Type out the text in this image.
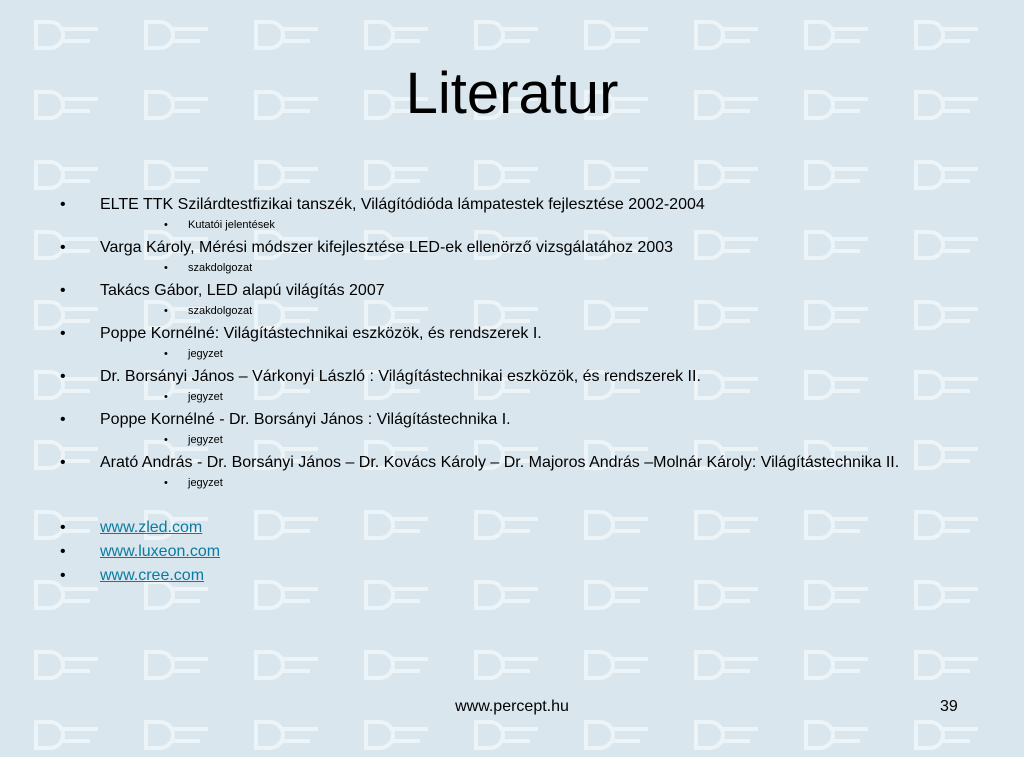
Literatur
• ELTE TTK Szilárdtestfizikai tanszék, Világítódióda lámpatestek fejlesztése 2002-2004
• Kutatói jelentések
• Varga Károly, Mérési módszer kifejlesztése LED-ek ellenörző vizsgálatához 2003
• szakdolgozat
• Takács Gábor, LED alapú világítás 2007
• szakdolgozat
• Poppe Kornélné: Világítástechnikai eszközök, és rendszerek I.
• jegyzet
• Dr. Borsányi János – Várkonyi László : Világítástechnikai eszközök, és rendszerek II.
• jegyzet
• Poppe Kornélné - Dr. Borsányi János : Világítástechnika I.
• jegyzet
• Arató András - Dr. Borsányi János – Dr. Kovács Károly – Dr. Majoros András –Molnár Károly: Világítástechnika II.
• jegyzet
• www.zled.com
• www.luxeon.com
• www.cree.com
www.percept.hu	39
